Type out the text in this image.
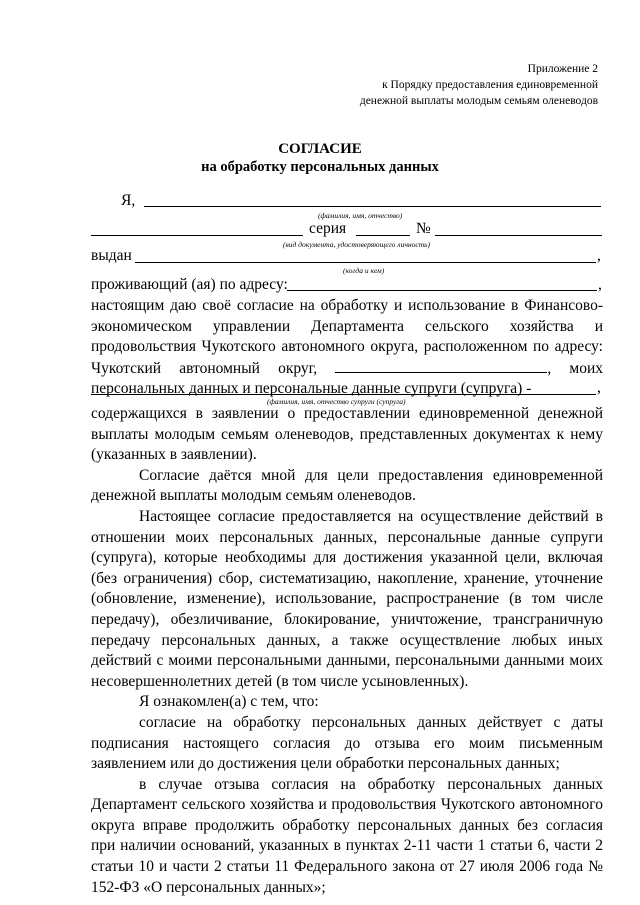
Приложение 2
к Порядку предоставления единовременной
денежной выплаты молодым семьям оленеводов
СОГЛАСИЕ
на обработку персональных данных
Я,
(фамилия, имя, отчество)
серия	№
(вид документа, удостоверяющего личность)
выдан	,
(когда и кем)
проживающий (ая) по адресу:	,

настоящим даю своё согласие на обработку и использование в Финансово-экономическом управлении Департамента сельского хозяйства и продовольствия Чукотского автономного округа, расположенном по адресу: Чукотский автономный округ,	, моих персональных данных и персональные данные супруги (супруга) -	,
(фамилия, имя, отчество супруги (супруга)

содержащихся в заявлении о предоставлении единовременной денежной выплаты молодым семьям оленеводов, представленных документах к нему (указанных в заявлении).

Согласие даётся мной для цели предоставления единовременной денежной выплаты молодым семьям оленеводов.

Настоящее согласие предоставляется на осуществление действий в отношении моих персональных данных, персональные данные супруги (супруга), которые необходимы для достижения указанной цели, включая (без ограничения) сбор, систематизацию, накопление, хранение, уточнение (обновление, изменение), использование, распространение (в том числе передачу), обезличивание, блокирование, уничтожение, трансграничную передачу персональных данных, а также осуществление любых иных действий с моими персональными данными, персональными данными моих несовершеннолетних детей (в том числе усыновленных).

Я ознакомлен(а) с тем, что:

согласие на обработку персональных данных действует с даты подписания настоящего согласия до отзыва его моим письменным заявлением или до достижения цели обработки персональных данных;

в случае отзыва согласия на обработку персональных данных Департамент сельского хозяйства и продовольствия Чукотского автономного округа вправе продолжить обработку персональных данных без согласия при наличии оснований, указанных в пунктах 2-11 части 1 статьи 6, части 2 статьи 10 и части 2 статьи 11 Федерального закона от 27 июля 2006 года № 152-ФЗ «О персональных данных»;
